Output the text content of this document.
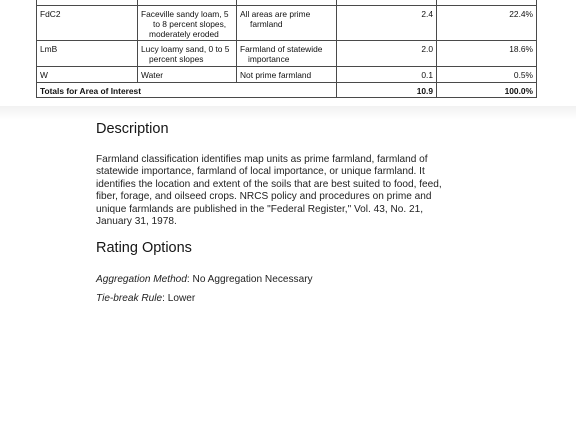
FdC2	Faceville sandy loam, 5
to 8 percent slopes,
moderately eroded	All areas are prime
farmland	2.4	22.4%
LmB	Lucy loamy sand, 0 to 5
percent slopes	Farmland of statewide
importance	2.0	18.6%
W	Water	Not prime farmland	0.1	0.5%
Totals for Area of Interest			10.9	100.0%
Description

Farmland classification identifies map units as prime farmland, farmland of
statewide importance, farmland of local importance, or unique farmland. It
identifies the location and extent of the soils that are best suited to food, feed,
fiber, forage, and oilseed crops. NRCS policy and procedures on prime and
unique farmlands are published in the "Federal Register," Vol. 43, No. 21,
January 31, 1978.

Rating Options

Aggregation Method: No Aggregation Necessary

Tie-break Rule: Lower
